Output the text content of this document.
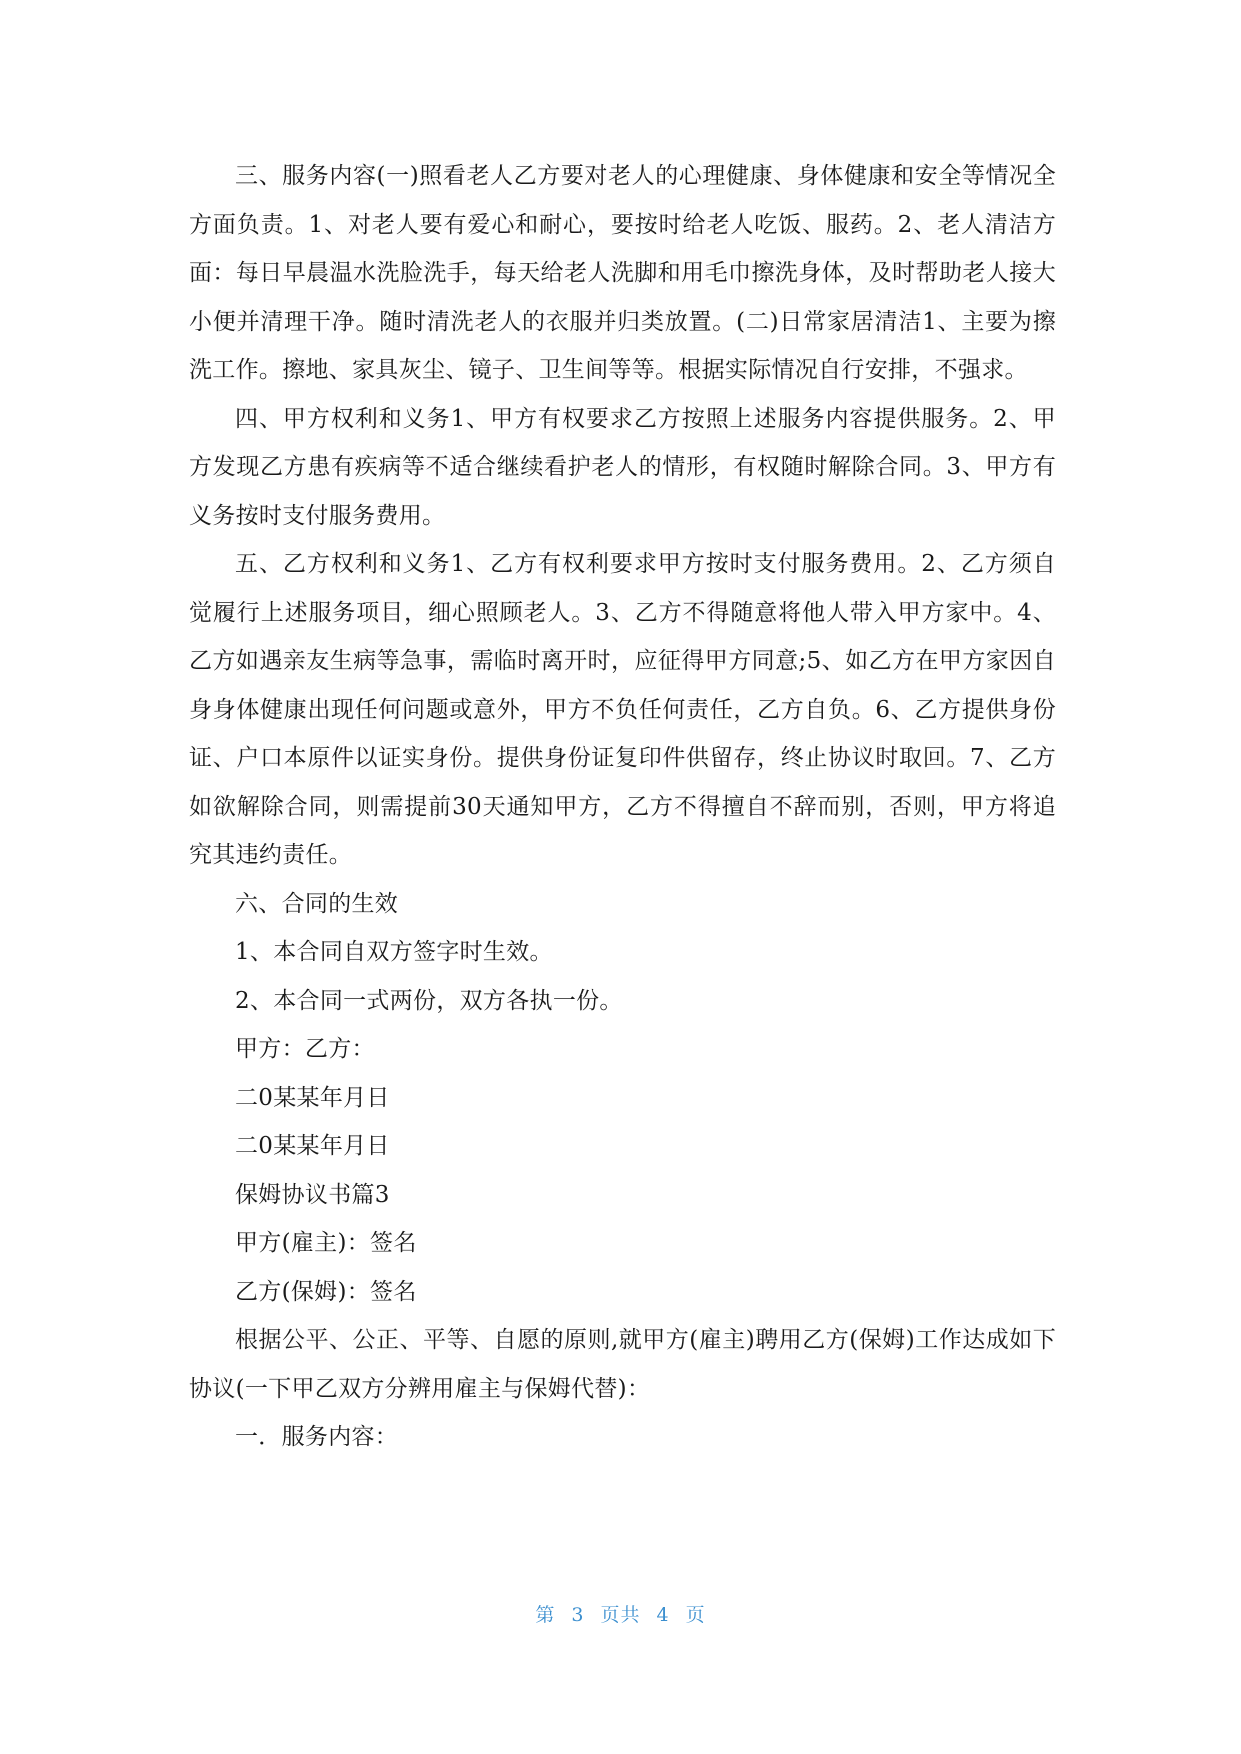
三、服务内容(一)照看老人乙方要对老人的心理健康、身体健康和安全等情况全方面负责。1、对老人要有爱心和耐心，要按时给老人吃饭、服药。2、老人清洁方面：每日早晨温水洗脸洗手，每天给老人洗脚和用毛巾擦洗身体，及时帮助老人接大小便并清理干净。随时清洗老人的衣服并归类放置。(二)日常家居清洁1、主要为擦洗工作。擦地、家具灰尘、镜子、卫生间等等。根据实际情况自行安排，不强求。

四、甲方权利和义务1、甲方有权要求乙方按照上述服务内容提供服务。2、甲方发现乙方患有疾病等不适合继续看护老人的情形，有权随时解除合同。3、甲方有义务按时支付服务费用。

五、乙方权利和义务1、乙方有权利要求甲方按时支付服务费用。2、乙方须自觉履行上述服务项目，细心照顾老人。3、乙方不得随意将他人带入甲方家中。4、乙方如遇亲友生病等急事，需临时离开时，应征得甲方同意;5、如乙方在甲方家因自身身体健康出现任何问题或意外，甲方不负任何责任，乙方自负。6、乙方提供身份证、户口本原件以证实身份。提供身份证复印件供留存，终止协议时取回。7、乙方如欲解除合同，则需提前30天通知甲方，乙方不得擅自不辞而别，否则，甲方将追究其违约责任。

六、合同的生效

1、本合同自双方签字时生效。

2、本合同一式两份，双方各执一份。

甲方：乙方：

二0某某年月日

二0某某年月日

保姆协议书篇3

甲方(雇主)：签名

乙方(保姆)：签名

根据公平、公正、平等、自愿的原则,就甲方(雇主)聘用乙方(保姆)工作达成如下协议(一下甲乙双方分辨用雇主与保姆代替)：

一．服务内容：

第 3 页共 4 页
